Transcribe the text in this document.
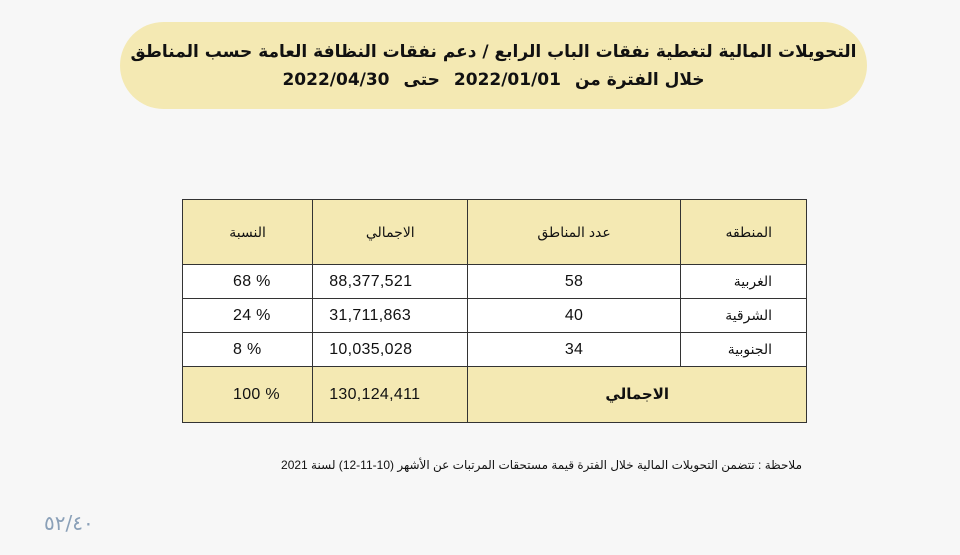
التحويلات المالية لتغطية نفقات الباب الرابع / دعم نفقات النظافة العامة حسب المناطق
خلال الفترة من
2022/01/01
حتى
2022/04/30
المنطقه	عدد المناطق	الاجمالي	النسبة

الغربية	58	88,377,521	% 68

الشرقية	40	31,711,863	% 24

الجنوبية	34	10,035,028	% 8

الاجمالي		130,124,411	% 100
ملاحظة : تتضمن التحويلات المالية خلال الفترة قيمة مستحقات المرتبات عن الأشهر (10-11-12) لسنة 2021
٥٢/٤٠
